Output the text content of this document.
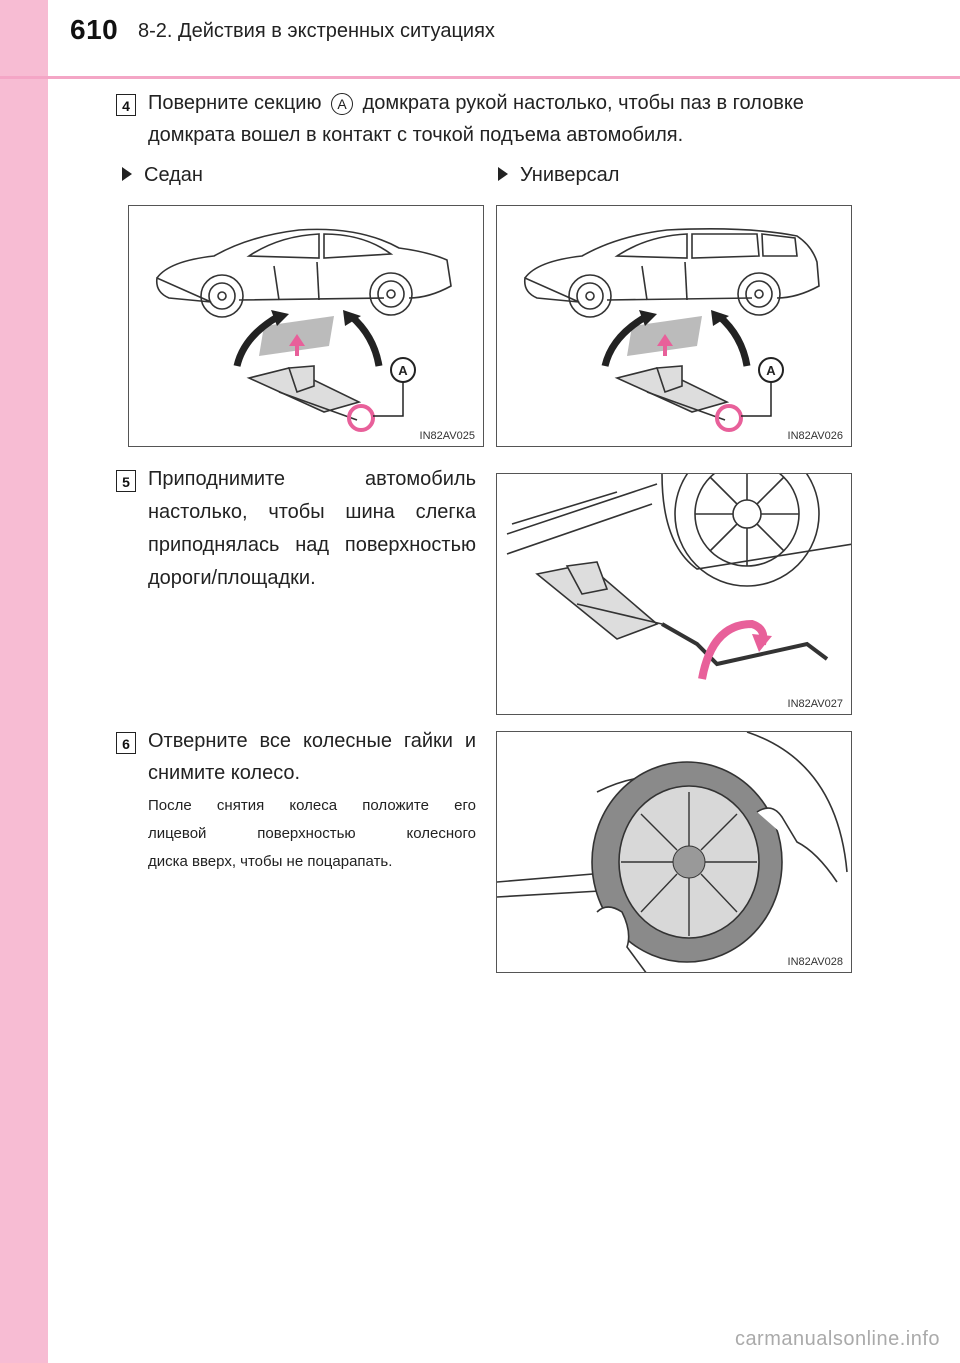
610 8-2. Действия в экстренных ситуациях
4 Поверните секцию A домкрата рукой настолько, чтобы паз в головке
домкрата вошел в контакт с точкой подъема автомобиля.
Седан	Универсал
A
IN82AV025
A
IN82AV026
5 Приподнимите автомобиль
настолько, чтобы шина слегка
приподнялась над поверхностью
дороги/площадки.
IN82AV027
6 Отверните все колесные гайки и
снимите колесо.
После снятия колеса положите его
лицевой поверхностью колесного
диска вверх, чтобы не поцарапать.
IN82AV028
carmanualsonline.info
